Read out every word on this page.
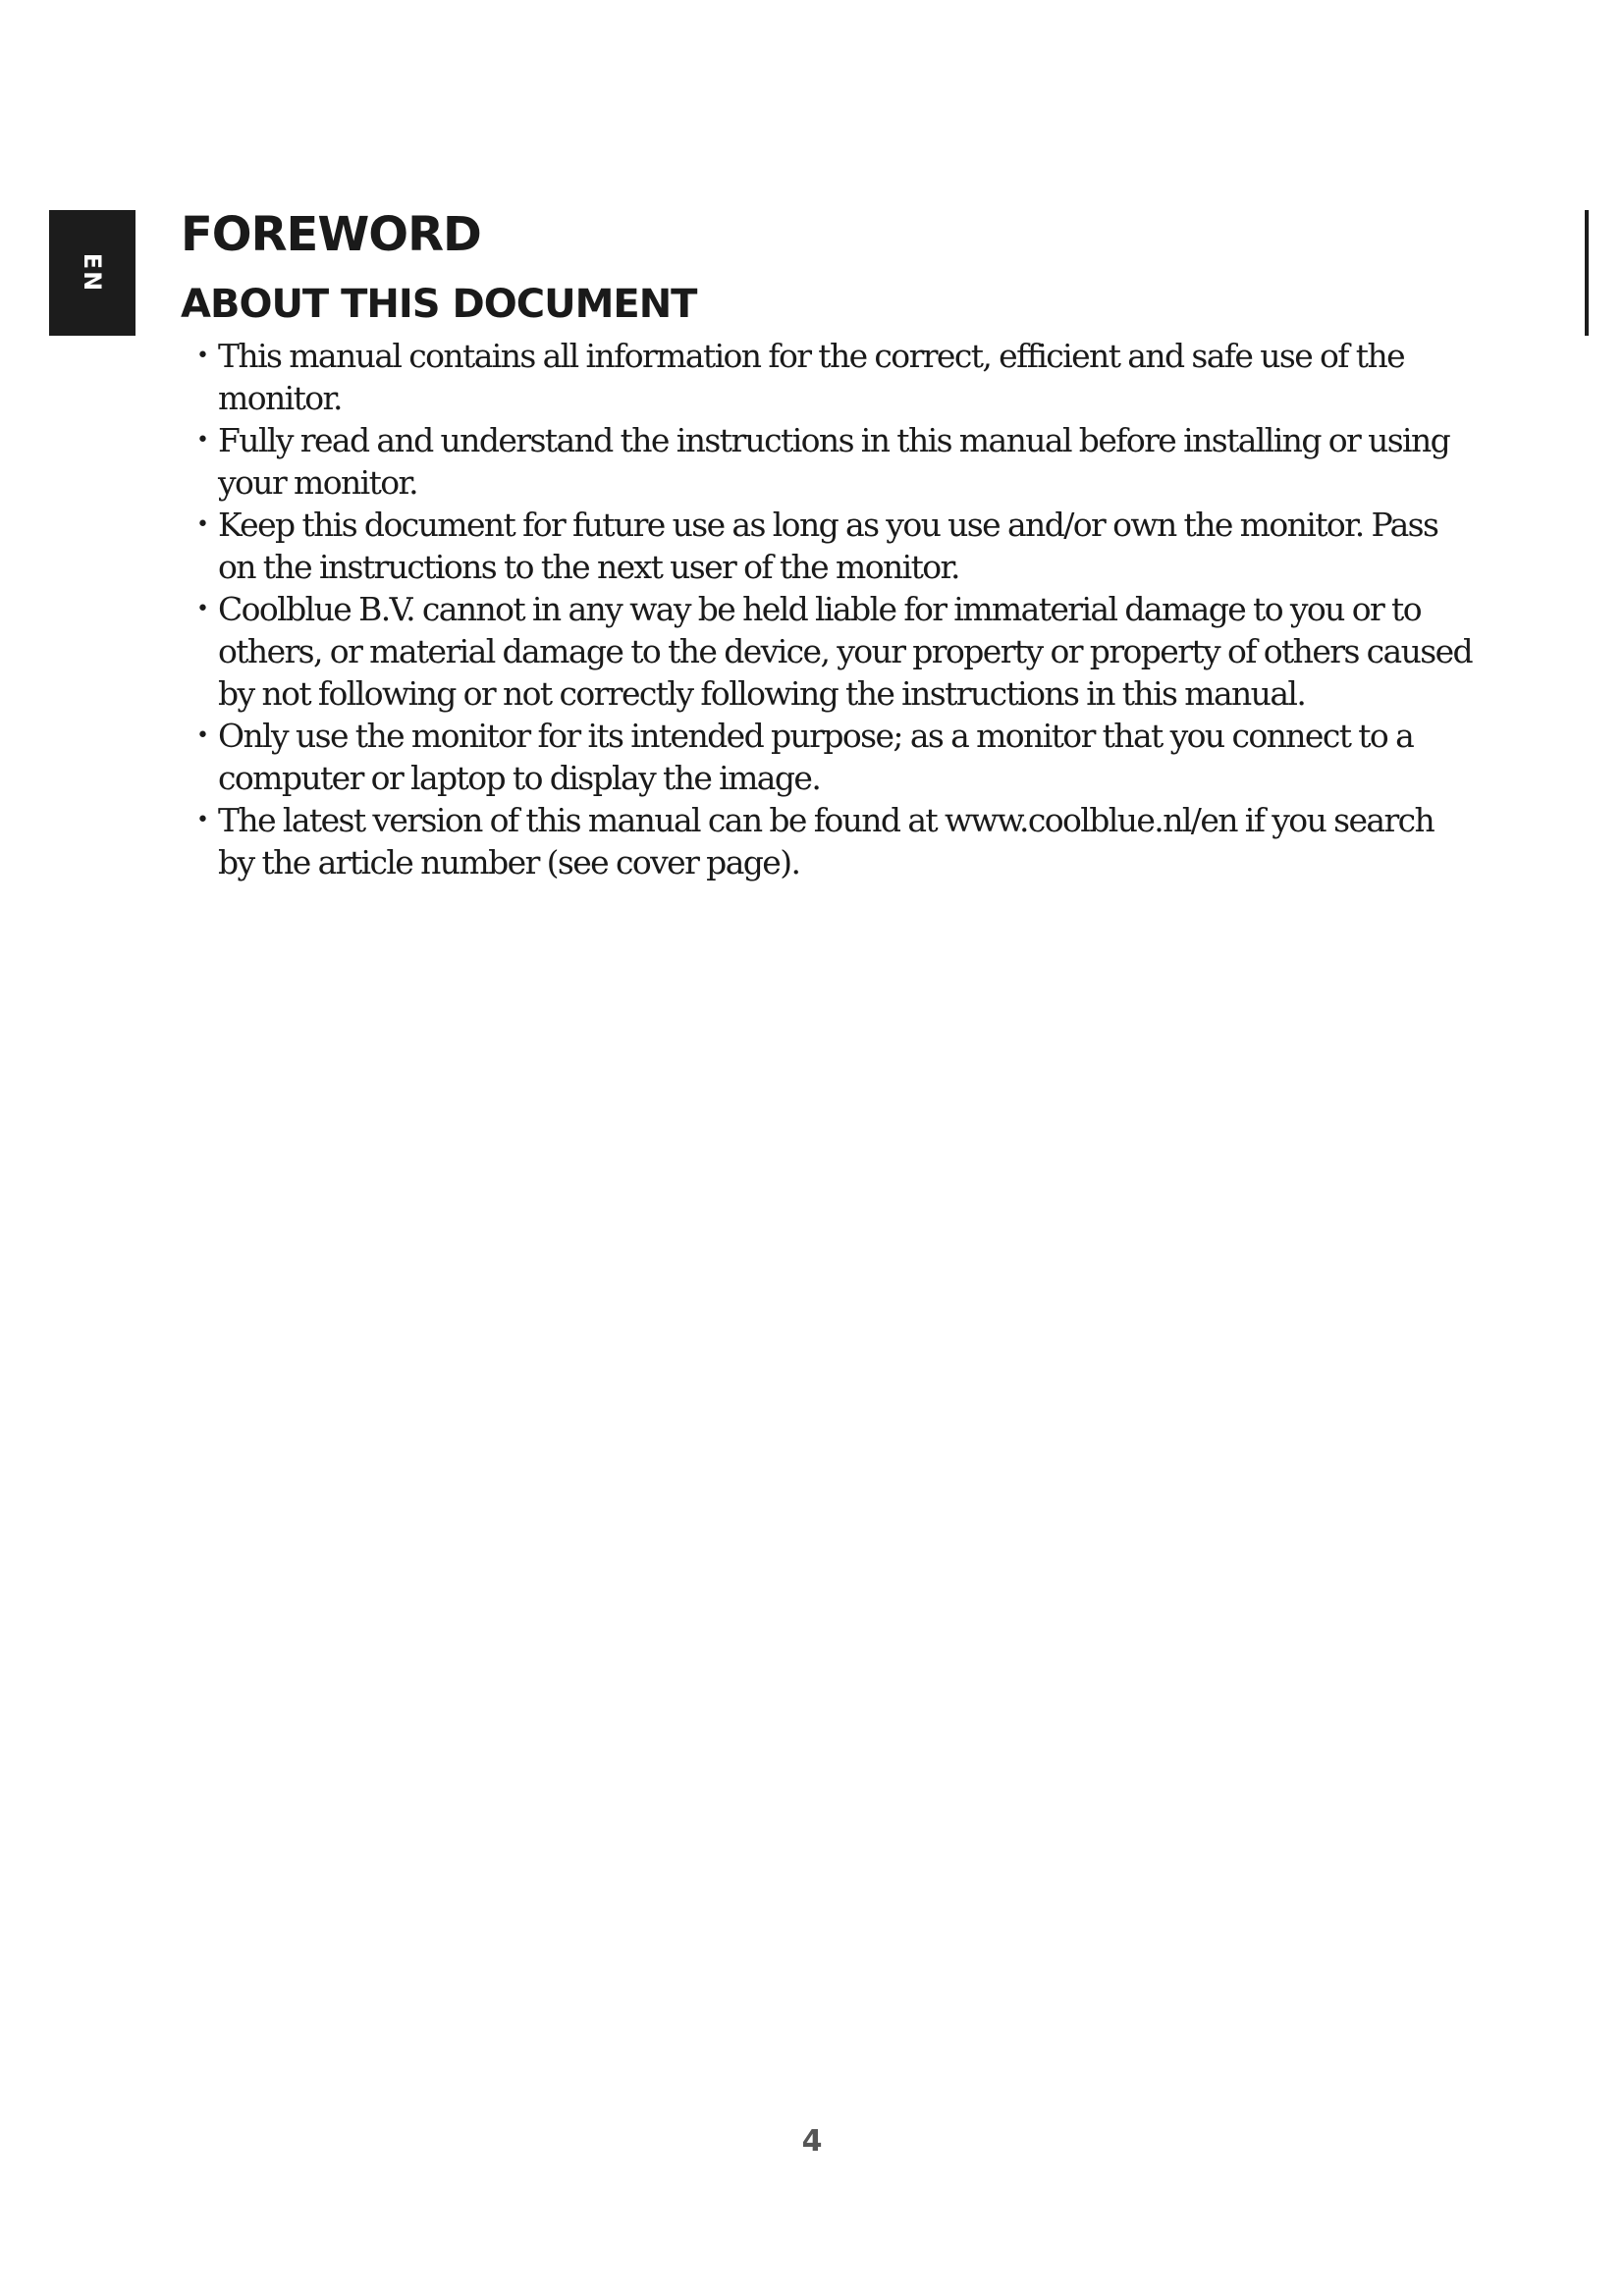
EN
FOREWORD
ABOUT THIS DOCUMENT
• This manual contains all information for the correct, efficient and safe use of the monitor.
• Fully read and understand the instructions in this manual before installing or using your monitor.
• Keep this document for future use as long as you use and/or own the monitor. Pass on the instructions to the next user of the monitor.
• Coolblue B.V. cannot in any way be held liable for immaterial damage to you or to others, or material damage to the device, your property or property of others caused by not following or not correctly following the instructions in this manual.
• Only use the monitor for its intended purpose; as a monitor that you connect to a computer or laptop to display the image.
• The latest version of this manual can be found at www.coolblue.nl/en if you search by the article number (see cover page).
4
